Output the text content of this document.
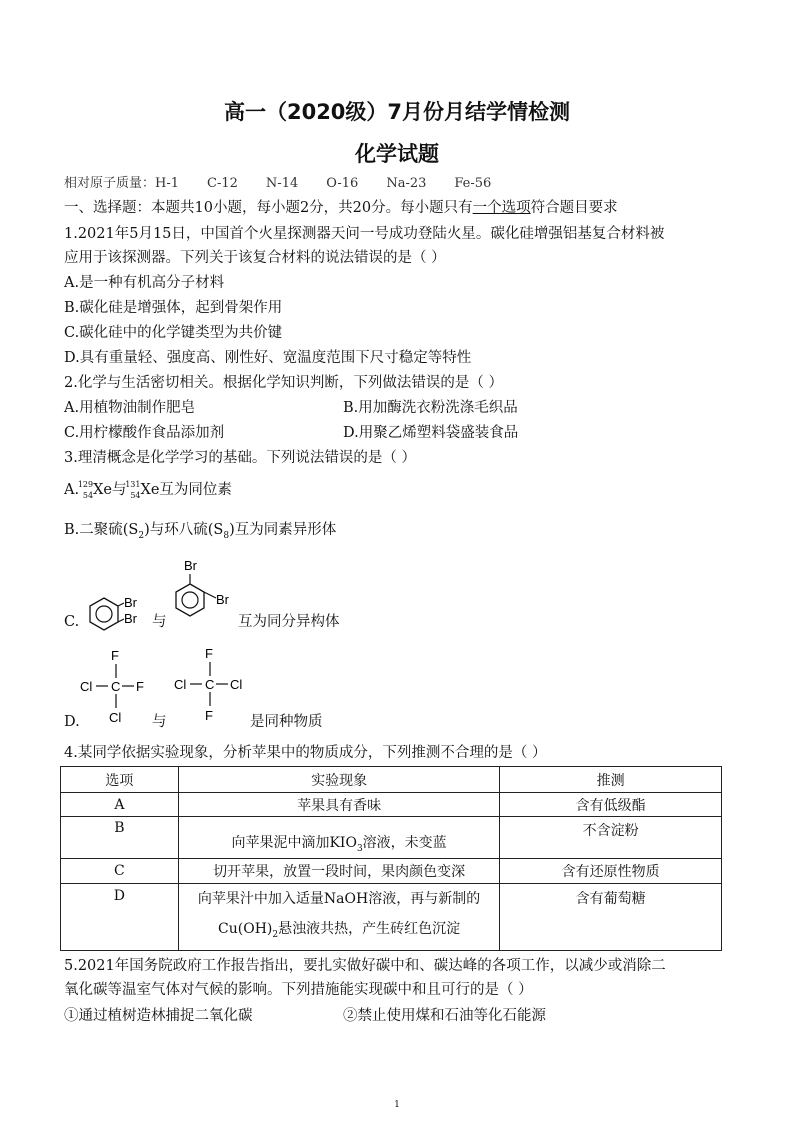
高一（2020级）7月份月结学情检测
化学试题
相对原子质量：H-1 C-12 N-14 O-16 Na-23 Fe-56
一、选择题：本题共10小题，每小题2分，共20分。每小题只有一个选项符合题目要求
1.2021年5月15日，中国首个火星探测器天问一号成功登陆火星。碳化硅增强铝基复合材料被
应用于该探测器。下列关于该复合材料的说法错误的是（ ）
A.是一种有机高分子材料
B.碳化硅是增强体，起到骨架作用
C.碳化硅中的化学键类型为共价键
D.具有重量轻、强度高、刚性好、宽温度范围下尺寸稳定等特性
2.化学与生活密切相关。根据化学知识判断，下列做法错误的是（ ）
A.用植物油制作肥皂	B.用加酶洗衣粉洗涤毛织品
C.用柠檬酸作食品添加剂	D.用聚乙烯塑料袋盛装食品
3.理清概念是化学学习的基础。下列说法错误的是（ ）
A.
129
54 Xe与
131
54 Xe互为同位素
B.二聚硫$(S_2)$与环八硫$(S_8)$互为同素异形体
C.
Br
Br 与
Br
Br
互为同分异构体
D.
F
Cl C F
Cl 与
F
Cl C Cl
F	是同种物质
4.某同学依据实验现象，分析苹果中的物质成分，下列推测不合理的是（ ）
选项	实验现象	推测
A	苹果具有香味	含有低级酯
B	向苹果泥中滴加$KIO_3$溶液，未变蓝	不含淀粉
C	切开苹果，放置一段时间，果肉颜色变深	含有还原性物质
D	向苹果汁中加入适量NaOH溶液，再与新制的
$Cu(OH)_2$悬浊液共热，产生砖红色沉淀	含有葡萄糖
5.2021年国务院政府工作报告指出，要扎实做好碳中和、碳达峰的各项工作，以减少或消除二
氧化碳等温室气体对气候的影响。下列措施能实现碳中和且可行的是（ ）
①通过植树造林捕捉二氧化碳	②禁止使用煤和石油等化石能源
1
